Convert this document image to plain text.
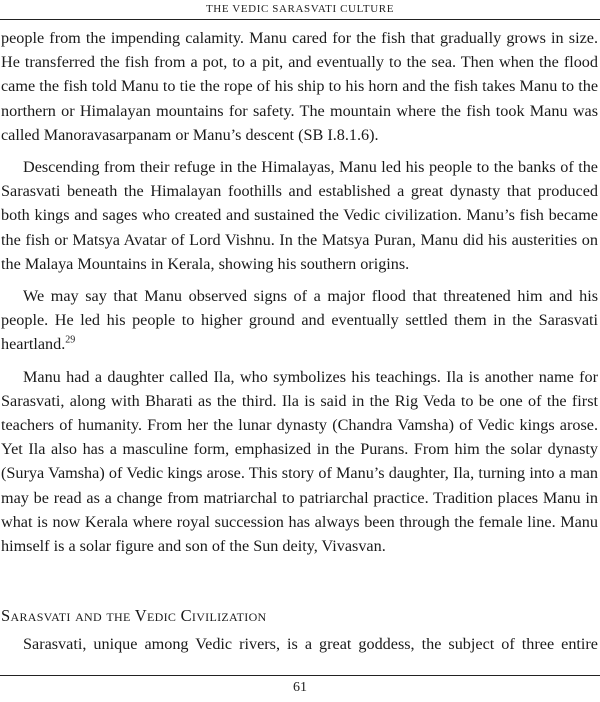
THE VEDIC SARASVATI CULTURE

people from the impending calamity. Manu cared for the fish that gradually grows in size. He transferred the fish from a pot, to a pit, and eventually to the sea. Then when the flood came the fish told Manu to tie the rope of his ship to his horn and the fish takes Manu to the northern or Himalayan mountains for safety. The mountain where the fish took Manu was called Manoravasarpanam or Manu’s descent (SB I.8.1.6).

Descending from their refuge in the Himalayas, Manu led his people to the banks of the Sarasvati beneath the Himalayan foothills and established a great dynasty that produced both kings and sages who created and sustained the Vedic civilization. Manu’s fish became the fish or Matsya Avatar of Lord Vishnu. In the Matsya Puran, Manu did his austerities on the Malaya Mountains in Kerala, showing his southern origins.

We may say that Manu observed signs of a major flood that threatened him and his people. He led his people to higher ground and eventually settled them in the Sarasvati heartland.$^{29}$

Manu had a daughter called Ila, who symbolizes his teachings. Ila is another name for Sarasvati, along with Bharati as the third. Ila is said in the Rig Veda to be one of the first teachers of humanity. From her the lunar dynasty (Chandra Vamsha) of Vedic kings arose. Yet Ila also has a masculine form, emphasized in the Purans. From him the solar dynasty (Surya Vamsha) of Vedic kings arose. This story of Manu’s daughter, Ila, turning into a man may be read as a change from matriarchal to patriarchal practice. Tradition places Manu in what is now Kerala where royal succession has always been through the female line. Manu himself is a solar figure and son of the Sun deity, Vivasvan.

Sarasvati and the Vedic Civilization
Sarasvati, unique among Vedic rivers, is a great goddess, the subject of three entire
61
